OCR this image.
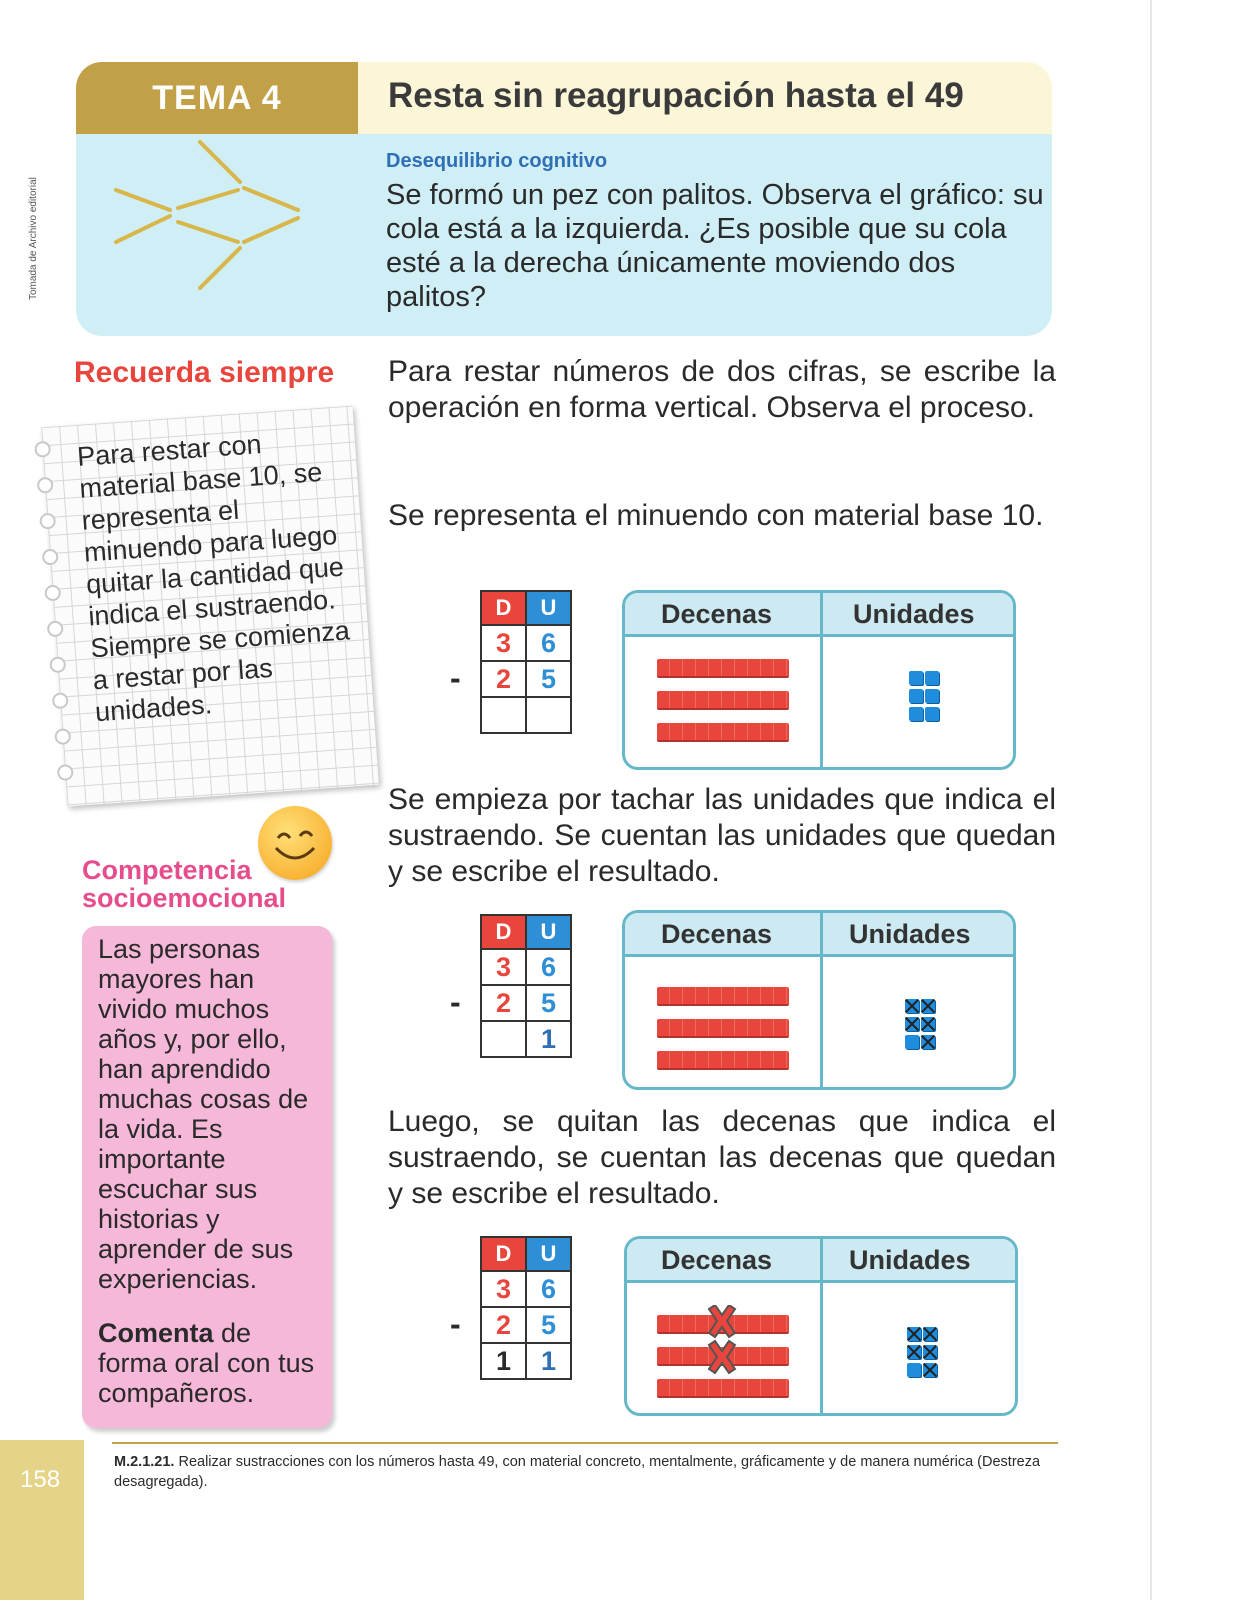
TEMA 4	Resta sin reagrupación hasta el 49
Tomada de Archivo editorial
Desequilibrio cognitivo
Se formó un pez con palitos. Observa el gráfico: su cola está a la izquierda. ¿Es posible que su cola esté a la derecha únicamente moviendo dos palitos?
Recuerda siempre
Para restar con material base 10, se representa el minuendo para luego quitar la cantidad que indica el sustraendo. Siempre se comienza a restar por las unidades.
Competencia
socioemocional
Las personas mayores han vivido muchos años y, por ello, han aprendido muchas cosas de la vida. Es importante escuchar sus historias y aprender de sus experiencias.
Comenta de forma oral con tus compañeros.
Para restar números de dos cifras, se escribe la operación en forma vertical. Observa el proceso.
Se representa el minuendo con material base 10.
Se empieza por tachar las unidades que indica el sustraendo. Se cuentan las unidades que quedan y se escribe el resultado.
Luego, se quitan las decenas que indica el sustraendo, se cuentan las decenas que quedan y se escribe el resultado.
-
D	U
3	6
2	5

Decenas	Unidades
-
D	U
3	6
2	5
	1
Decenas	Unidades
-
D	U
3	6
2	5
1	1
Decenas	Unidades
M.2.1.21. Realizar sustracciones con los números hasta 49, con material concreto, mentalmente, gráficamente y de manera numérica (Destreza desagregada).
158
